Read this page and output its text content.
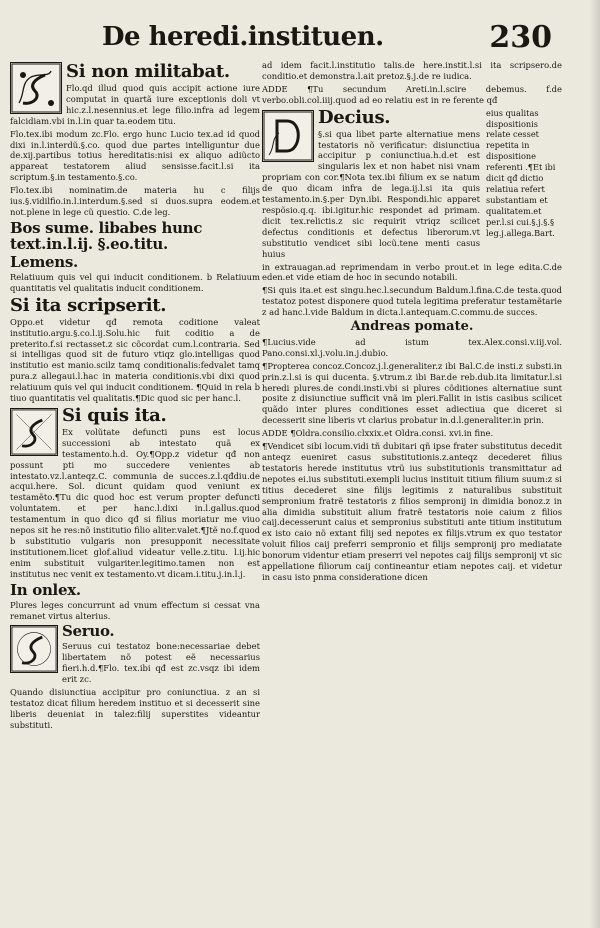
De heredi.instituen.	230
Si non militabat.

Flo.qd illud quod quis accipit actione iure computat in quartã iure exceptionis doli vt hic.z.l.nesennius.et lege filio.infra ad legem falcidiam.vbi in.l.in quar ta.eodem titu.

Flo.tex.ibi modum zc.Flo. ergo hunc Lucio tex.ad id quod dixi in.l.interdũ.§.co. quod due partes intelliguntur due de.xij.partibus totius hereditatis:nisi ex aliquo adiũcto appareat testatorem aliud sensisse.facit.l.si ita scriptum.§.in testamento.§.co.

Flo.tex.ibi nominatim.de materia hu c filijs ius.§.vidilfio.in.l.interdum.§.sed si duos.supra eodem.et not.plene in lege cũ questio. C.de leg.

Bos sume. libabes hunc text.in.l.ij. §.eo.titu.
Lemens.

Relatiuum quis vel qui inducit conditionem. b Relatiuum quantitatis vel qualitatis inducit conditionem.

Si ita scripserit.

Oppo.et videtur qđ remota coditione valeat institutio.argu.§.co.l.ij.Solu.hic fuit coditio a de preterito.f.si rectasset.z sic cõcordat cum.l.contraria. Sed si intelligas quod sit de futuro vtiqz glo.intelligas quod institutio est manio.scilz tamq conditionalis:fedvalet tamq pura.z allegaui.l.hac in materia conditionis.vbi dixi quod relatiuum quis vel qui inducit conditionem. ¶Quid in rela b tiuo quantitatis vel qualitatis.¶Dic quod sic per hanc.l.

Si quis ita.

Ex volũtate defuncti puns est locus successioni ab intestato quã ex testamento.h.d. Oy.¶Opp.z videtur qđ non possunt pti mo succedere venientes ab intestato.vz.l.anteqz.C. communia de succes.z.l.qđdiu.de acqui.here. Sol. dicunt quidam quod veniunt ex testamẽto.¶Tu dic quod hoc est verum propter defuncti voluntatem. et per hanc.l.dixi in.l.gallus.quod testamentum in quo dico qđ si filius moriatur me viuo nepos sit he res:nõ institutio filio aliter.valet.¶Jtẽ no.f.quod b substitutio vulgaris non presupponit necessitate institutionem.licet glof.aliud videatur velle.z.titu. l.ij.hic enim substituit vulgariter.legitimo.tamen non est institutus nec venit ex testamento.vt dicam.i.titu.j.in.l.j.

In onlex.

Plures leges concurrunt ad vnum effectum si cessat vna remanet virtus alterius.

Seruo.

Seruus cui testatoz bone:necessariae debet libertatem nõ potest eẽ necessarius fieri.h.d.¶Flo. tex.ibi qđ est zc.vsqz ibi idem erit zc.

Quando disiunctiua accipitur pro coniunctiua. z an si testatoz dicat filium heredem instituo et si decesserit sine liberis deueniat in talez:filij superstites videantur substituti.

ad idem facit.l.institutio talis.de here.instit.l.si ita scripsero.de conditio.et demonstra.l.ait pretoz.§.j.de re iudica.

ADDE ¶Tu secundum Areti.in.l.scire debemus. f.de verbo.obli.col.iiij.quod ad eo relatiu est in re ferente qđ

eius qualitas dispositionis relate cesset repetita in dispositione referenti .¶Et ibi dicit qđ dictio relatiua refert substantiam et qualitatem.et per.l.si cui.§.j.§.§ leg.j.allega.Bart.
Decius.

§.si qua libet parte alternatiue mens testatoris nõ verificatur: disiunctiua accipitur p coniunctiua.h.d.et est singularis lex et non habet nisi vnam propriam con cor.¶Nota tex.ibi filium ex se natum de quo dicam infra de lega.ij.l.si ita quis testamento.in.§.per Dyn.ibi. Respondi.hic apparet respõsio.q.q. ibi.igitur.hic respondet ad primam. dicit tex.relictis.z sic requirit vtriqz scilicet defectus conditionis et defectus liberorum.vt substitutio vendicet sibi locũ.tene menti casus huius

in extrauagan.ad reprimendam in verbo prout.et in lege edita.C.de eden.et vide etiam de hoc in secundo notabili.

¶Si quis ita.et est singu.hec.l.secundum Baldum.l.fina.C.de testa.quod testatoz potest disponere quod tutela legitima preferatur testamẽtarie z ad hanc.l.vide Baldum in dicta.l.antequam.C.commu.de succes.

Andreas pomate.

¶Lucius.vide ad istum tex.Alex.consi.v.iij.vol. Pano.consi.xl.j.volu.in.j.dubio.

¶Propterea concoz.Concoz.j.l.generaliter.z ibi Bal.C.de insti.z substi.in prin.z.l.si is qui ducenta. §.vtrum.z ibi Bar.de reb.dub.ita limitatur.l.si heredi plures.de condi.insti.vbi si plures cõditiones alternatiue sunt posite z disiunctiue sufficit vnã im pleri.Fallit in istis casibus scilicet quãdo inter plures conditiones esset adiectiua que diceret si decesserit sine liberis vt clarius probatur in.d.l.generaliter.in prin.

ADDE ¶Oldra.consilio.clxxix.et Oldra.consi. xvi.in fine.

¶Vendicet sibi locum.vidi tñ dubitari qñ ipse frater substitutus decedit anteqz eueniret casus substitutionis.z.anteqz decederet filius testatoris herede institutus vtrũ ius substitutionis transmittatur ad nepotes ei.ius substituti.exempli lucius instituit titium filium suum:z si titius decederet sine filijs legitimis z naturalibus substituit sempronium fratrẽ testatoris z filios sempronij in dimidia bonoz.z in alia dimidia substituit alium fratrẽ testatoris noie caium z filios caij.decesserunt caius et sempronius substituti ante titium institutum ex isto caio nõ extant filij sed nepotes ex filijs.vtrum ex quo testator voluit filios caij preferri sempronio et filijs sempronij pro mediatate bonorum videntur etiam preserri vel nepotes caij filijs sempronij vt sic appellatione filiorum caij contineantur etiam nepotes caij. et videtur in casu isto pnma consideratione dicen
